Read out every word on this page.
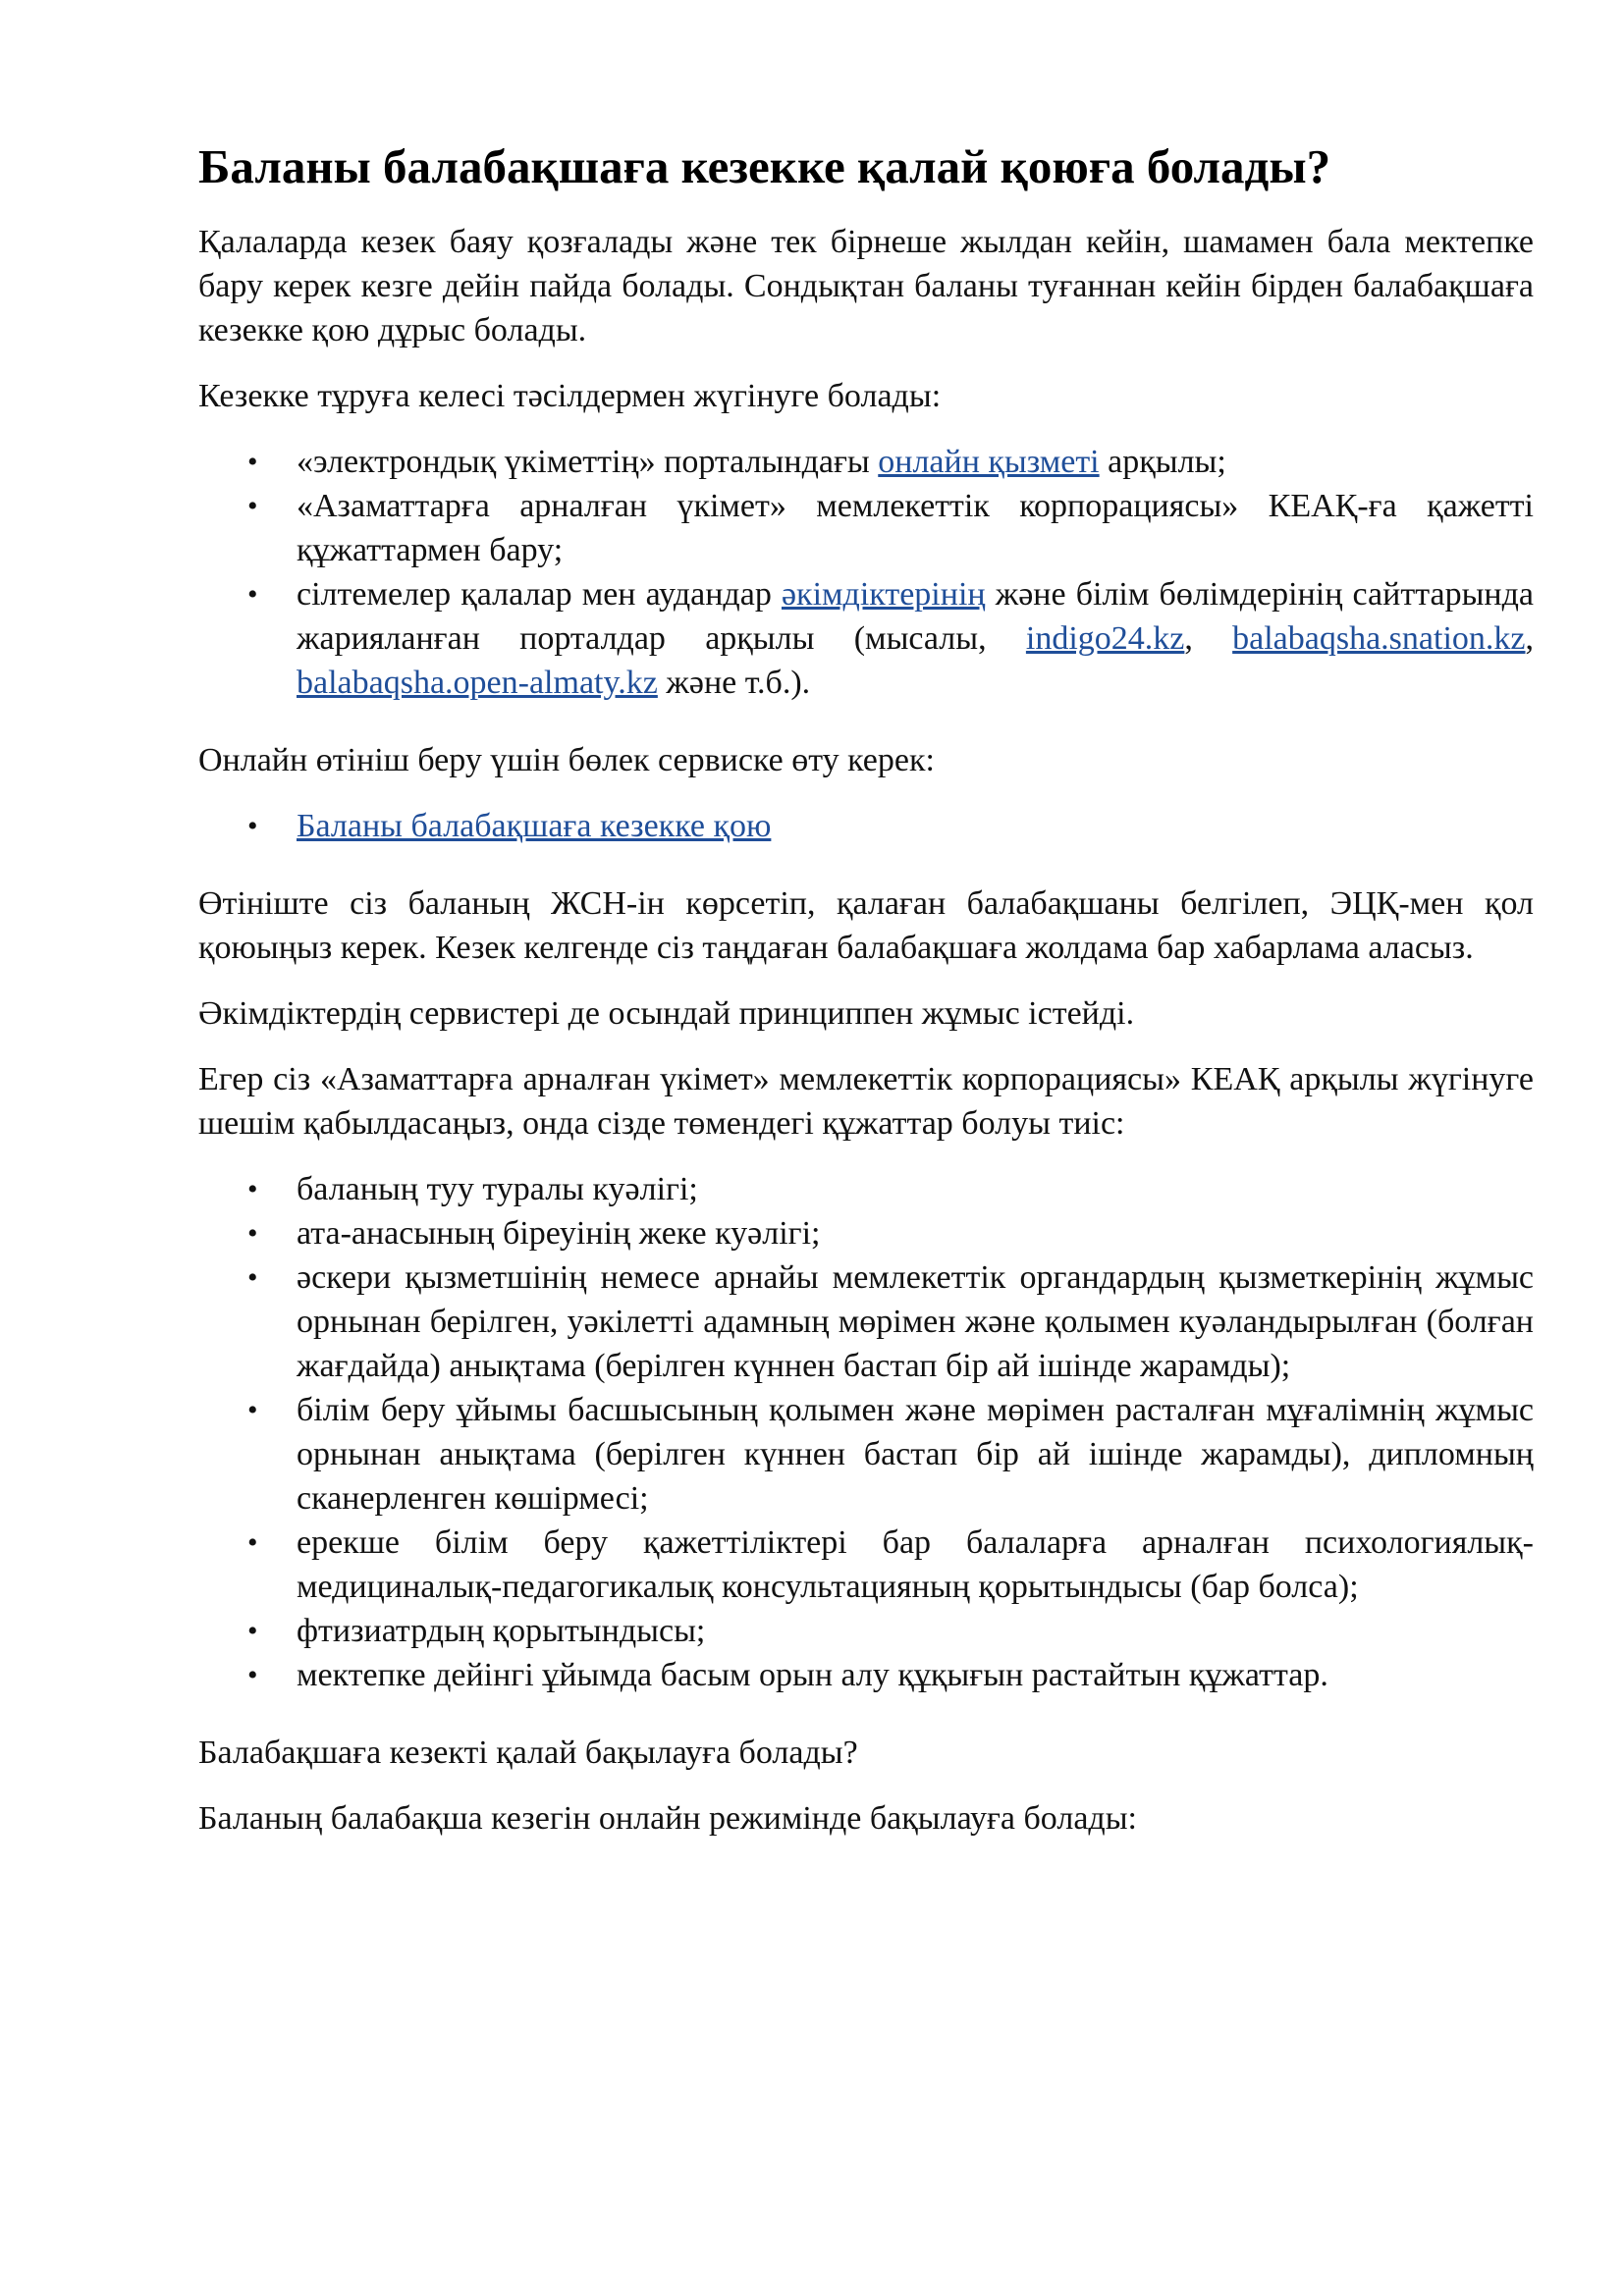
Баланы балабақшаға кезекке қалай қоюға болады?

Қалаларда кезек баяу қозғалады және тек бірнеше жылдан кейін, шамамен бала мектепке бару керек кезге дейін пайда болады. Сондықтан баланы туғаннан кейін бірден балабақшаға кезекке қою дұрыс болады.

Кезекке тұруға келесі тәсілдермен жүгінуге болады:

• «электрондық үкіметтің» порталындағы онлайн қызметі арқылы;
• «Азаматтарға арналған үкімет» мемлекеттік корпорациясы» КЕАҚ-ға қажетті құжаттармен бару;
• сілтемелер қалалар мен аудандар әкімдіктерінің және білім бөлімдерінің сайттарында жарияланған порталдар арқылы (мысалы, indigo24.kz, balabaqsha.snation.kz, balabaqsha.open-almaty.kz және т.б.).

Онлайн өтініш беру үшін бөлек сервиске өту керек:

• Баланы балабақшаға кезекке қою

Өтініште сіз баланың ЖСН-ін көрсетіп, қалаған балабақшаны белгілеп, ЭЦҚ-мен қол қоюыңыз керек. Кезек келгенде сіз таңдаған балабақшаға жолдама бар хабарлама аласыз.

Әкімдіктердің сервистері де осындай принциппен жұмыс істейді.

Егер сіз «Азаматтарға арналған үкімет» мемлекеттік корпорациясы» КЕАҚ арқылы жүгінуге шешім қабылдасаңыз, онда сізде төмендегі құжаттар болуы тиіс:

• баланың туу туралы куәлігі;
• ата-анасының біреуінің жеке куәлігі;
• әскери қызметшінің немесе арнайы мемлекеттік органдардың қызметкерінің жұмыс орнынан берілген, уәкілетті адамның мөрімен және қолымен куәландырылған (болған жағдайда) анықтама (берілген күннен бастап бір ай ішінде жарамды);
• білім беру ұйымы басшысының қолымен және мөрімен расталған мұғалімнің жұмыс орнынан анықтама (берілген күннен бастап бір ай ішінде жарамды), дипломның сканерленген көшірмесі;
• ерекше білім беру қажеттіліктері бар балаларға арналған психологиялық-медициналық-педагогикалық консультацияның қорытындысы (бар болса);
• фтизиатрдың қорытындысы;
• мектепке дейінгі ұйымда басым орын алу құқығын растайтын құжаттар.

Балабақшаға кезекті қалай бақылауға болады?

Баланың балабақша кезегін онлайн режимінде бақылауға болады:
